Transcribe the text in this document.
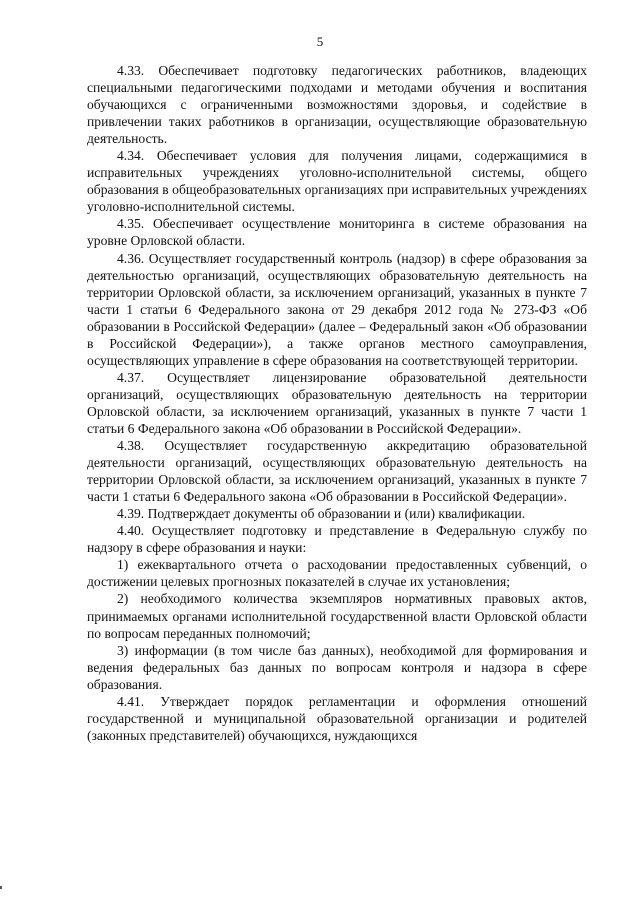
5

4.33. Обеспечивает подготовку педагогических работников, владеющих специальными педагогическими подходами и методами обучения и воспитания обучающихся с ограниченными возможностями здоровья, и содействие в привлечении таких работников в организации, осуществляющие образовательную деятельность.

4.34. Обеспечивает условия для получения лицами, содержащимися в исправительных учреждениях уголовно-исполнительной системы, общего образования в общеобразовательных организациях при исправительных учреждениях уголовно-исполнительной системы.

4.35. Обеспечивает осуществление мониторинга в системе образования на уровне Орловской области.

4.36. Осуществляет государственный контроль (надзор) в сфере образования за деятельностью организаций, осуществляющих образовательную деятельность на территории Орловской области, за исключением организаций, указанных в пункте 7 части 1 статьи 6 Федерального закона от 29 декабря 2012 года № 273-ФЗ «Об образовании в Российской Федерации» (далее – Федеральный закон «Об образовании в Российской Федерации»), а также органов местного самоуправления, осуществляющих управление в сфере образования на соответствующей территории.

4.37. Осуществляет лицензирование образовательной деятельности организаций, осуществляющих образовательную деятельность на территории Орловской области, за исключением организаций, указанных в пункте 7 части 1 статьи 6 Федерального закона «Об образовании в Российской Федерации».

4.38. Осуществляет государственную аккредитацию образовательной деятельности организаций, осуществляющих образовательную деятельность на территории Орловской области, за исключением организаций, указанных в пункте 7 части 1 статьи 6 Федерального закона «Об образовании в Российской Федерации».

4.39. Подтверждает документы об образовании и (или) квалификации.

4.40. Осуществляет подготовку и представление в Федеральную службу по надзору в сфере образования и науки:

1) ежеквартального отчета о расходовании предоставленных субвенций, о достижении целевых прогнозных показателей в случае их установления;

2) необходимого количества экземпляров нормативных правовых актов, принимаемых органами исполнительной государственной власти Орловской области по вопросам переданных полномочий;

3) информации (в том числе баз данных), необходимой для формирования и ведения федеральных баз данных по вопросам контроля и надзора в сфере образования.

4.41. Утверждает порядок регламентации и оформления отношений государственной и муниципальной образовательной организации и родителей (законных представителей) обучающихся, нуждающихся
